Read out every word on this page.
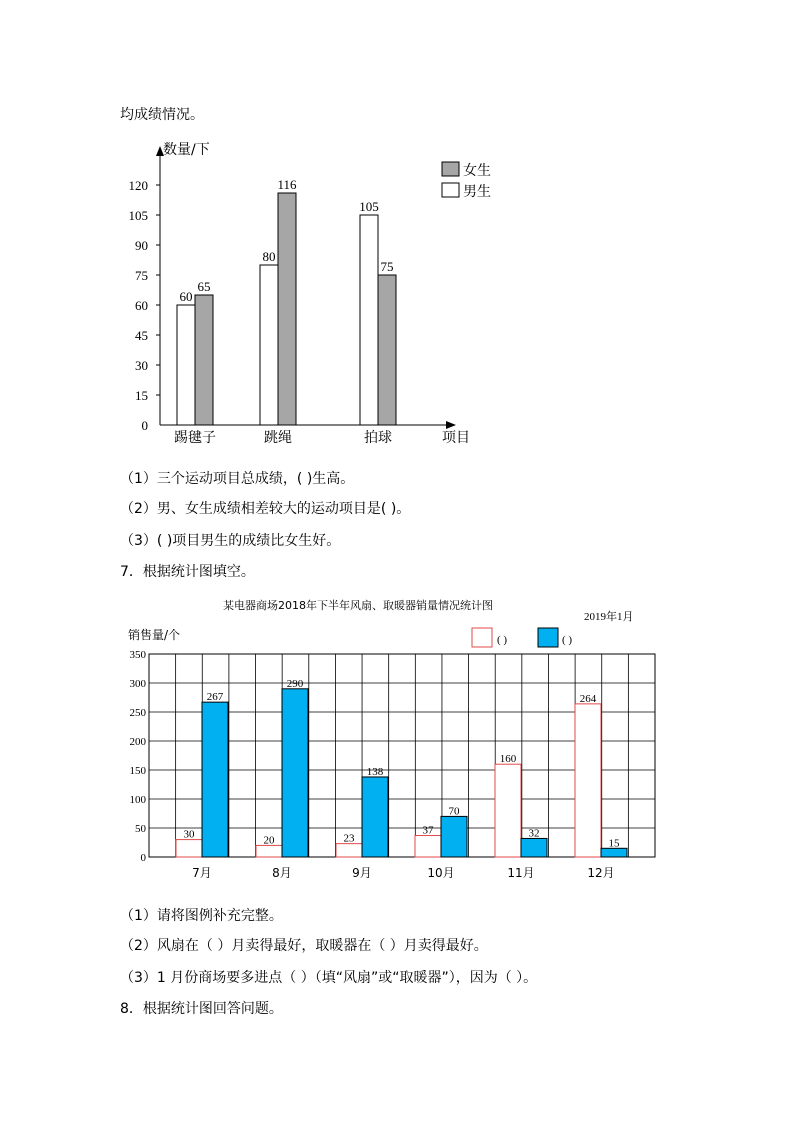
均成绩情况。
0
15
30
45
60
75
90
105
120
数量/下
项目
60
65
踢毽子
80
116
跳绳
105
75
拍球
女生
男生
0
50
100
150
200
250
300
350
某电器商场2018年下半年风扇、取暖器销量情况统计图
2019年1月
销售量/个	( )	( )
30
267
7月
20
290
8月
23
138
9月
37
70
10月
160
32
11月
264
15
12月
（1）三个运动项目总成绩，( )生高。
（2）男、女生成绩相差较大的运动项目是( )。
（3）( )项目男生的成绩比女生好。
7．根据统计图填空。
（1）请将图例补充完整。
（2）风扇在（ ）月卖得最好，取暖器在（ ）月卖得最好。
（3）1 月份商场要多进点（ ）（填“风扇”或“取暖器”），因为（ ）。
8．根据统计图回答问题。
